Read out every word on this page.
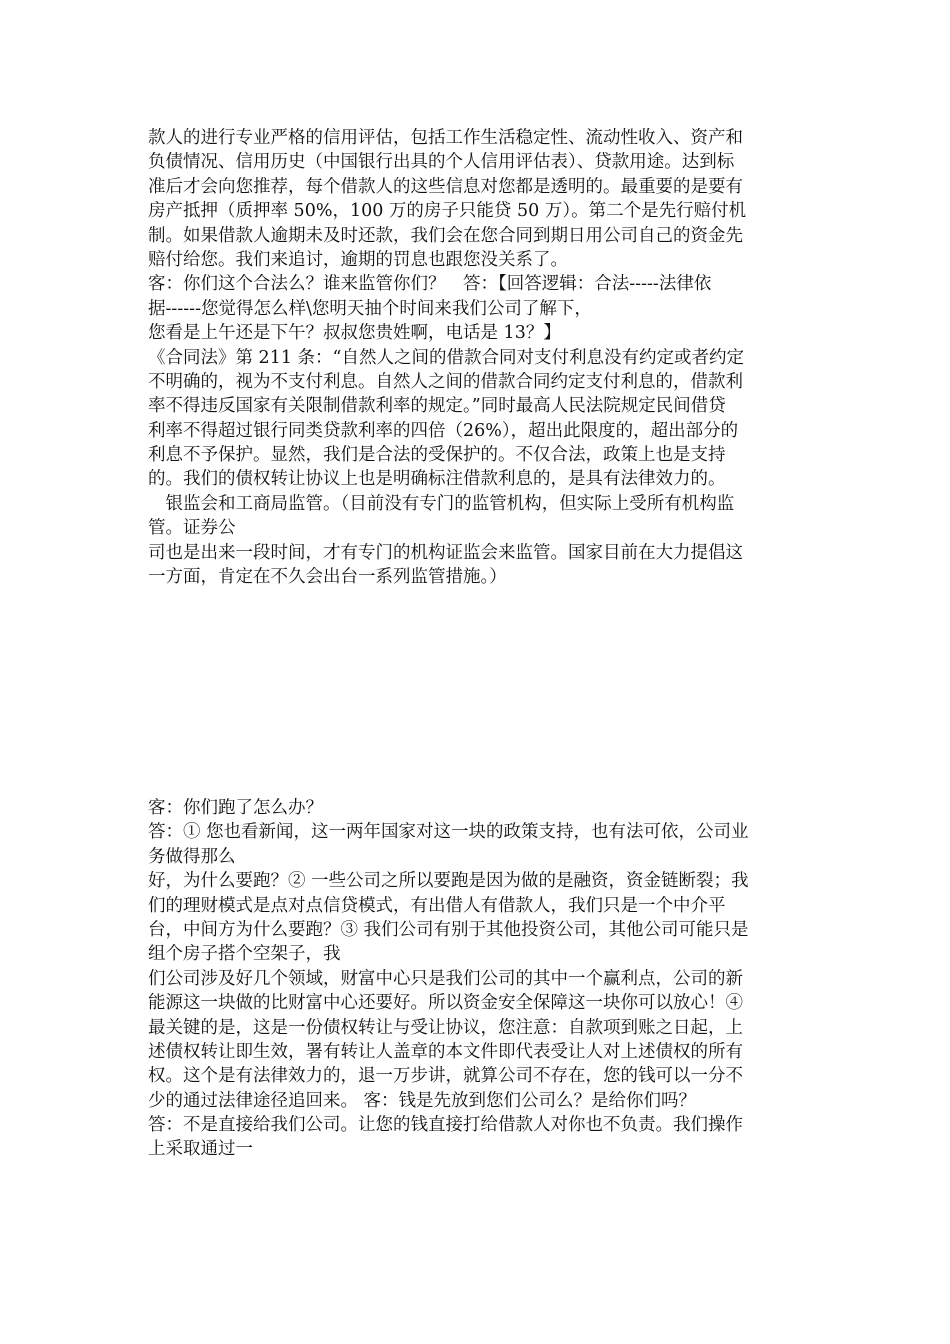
款人的进行专业严格的信用评估，包括工作生活稳定性、流动性收入、资产和
负债情况、信用历史（中国银行出具的个人信用评估表）、贷款用途。达到标
准后才会向您推荐，每个借款人的这些信息对您都是透明的。最重要的是要有
房产抵押（质押率 50%，100 万的房子只能贷 50 万）。第二个是先行赔付机
制。如果借款人逾期未及时还款，我们会在您合同到期日用公司自己的资金先
赔付给您。我们来追讨，逾期的罚息也跟您没关系了。
客：你们这个合法么？谁来监管你们？　答：【回答逻辑：合法-----法律依
据------您觉得怎么样\您明天抽个时间来我们公司了解下，
您看是上午还是下午？叔叔您贵姓啊，电话是 13？】
《合同法》第 211 条：“自然人之间的借款合同对支付利息没有约定或者约定
不明确的，视为不支付利息。自然人之间的借款合同约定支付利息的，借款利
率不得违反国家有关限制借款利率的规定。”同时最高人民法院规定民间借贷
利率不得超过银行同类贷款利率的四倍（26%），超出此限度的，超出部分的
利息不予保护。显然，我们是合法的受保护的。不仅合法，政策上也是支持
的。我们的债权转让协议上也是明确标注借款利息的，是具有法律效力的。
　银监会和工商局监管。（目前没有专门的监管机构，但实际上受所有机构监
管。证券公
司也是出来一段时间，才有专门的机构证监会来监管。国家目前在大力提倡这
一方面，肯定在不久会出台一系列监管措施。）
客：你们跑了怎么办？
答：① 您也看新闻，这一两年国家对这一块的政策支持，也有法可依，公司业
务做得那么
好，为什么要跑？② 一些公司之所以要跑是因为做的是融资，资金链断裂；我
们的理财模式是点对点信贷模式，有出借人有借款人，我们只是一个中介平
台，中间方为什么要跑？③ 我们公司有别于其他投资公司，其他公司可能只是
组个房子搭个空架子，我
们公司涉及好几个领域，财富中心只是我们公司的其中一个赢利点，公司的新
能源这一块做的比财富中心还要好。所以资金安全保障这一块你可以放心！④
最关键的是，这是一份债权转让与受让协议，您注意：自款项到账之日起，上
述债权转让即生效，署有转让人盖章的本文件即代表受让人对上述债权的所有
权。这个是有法律效力的，退一万步讲，就算公司不存在，您的钱可以一分不
少的通过法律途径追回来。 客：钱是先放到您们公司么？是给你们吗？
答：不是直接给我们公司。让您的钱直接打给借款人对你也不负责。我们操作
上采取通过一
